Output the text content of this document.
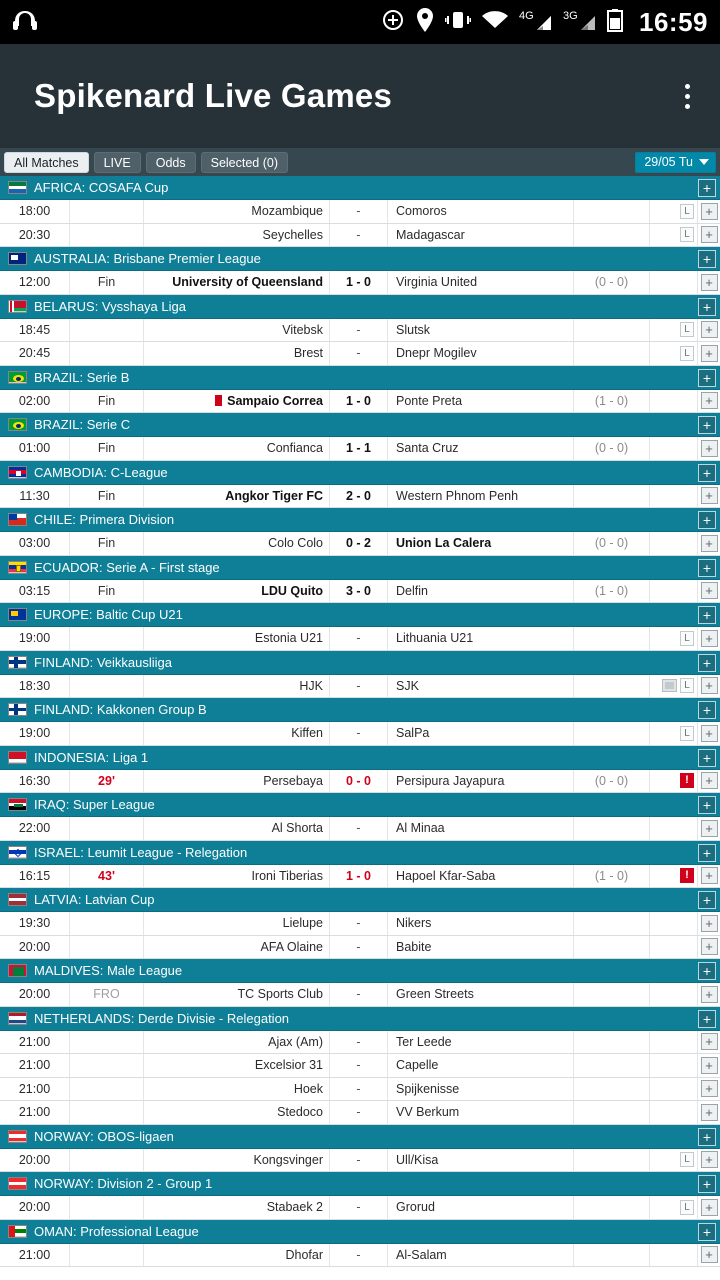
4G	3G 16:59
Spikenard Live Games
All Matches	LIVE	Odds	Selected (0)	29/05 Tu
AFRICA: COSAFA Cup	+
18:00	Mozambique	-	Comoros	L	+
20:30	Seychelles	-	Madagascar	L	+
AUSTRALIA: Brisbane Premier League	+
12:00	Fin	University of Queensland	1 - 0	Virginia United	(0 - 0)	+
BELARUS: Vysshaya Liga	+
18:45	Vitebsk	-	Slutsk	L	+
20:45	Brest	-	Dnepr Mogilev	L	+
BRAZIL: Serie B	+
02:00	Fin	Sampaio Correa	1 - 0	Ponte Preta	(1 - 0)	+
BRAZIL: Serie C	+
01:00	Fin	Confianca	1 - 1	Santa Cruz	(0 - 0)	+
CAMBODIA: C-League	+
11:30	Fin	Angkor Tiger FC	2 - 0	Western Phnom Penh	+
CHILE: Primera Division	+
03:00	Fin	Colo Colo	0 - 2	Union La Calera	(0 - 0)	+
ECUADOR: Serie A - First stage	+
03:15	Fin	LDU Quito	3 - 0	Delfin	(1 - 0)	+
EUROPE: Baltic Cup U21	+
19:00	Estonia U21	-	Lithuania U21	L	+
FINLAND: Veikkausliiga	+
18:30	HJK	-	SJK	L	+
FINLAND: Kakkonen Group B	+
19:00	Kiffen	-	SalPa	L	+
INDONESIA: Liga 1	+
16:30	29'	Persebaya	0 - 0	Persipura Jayapura	(0 - 0)	!	+
IRAQ: Super League	+
22:00	Al Shorta	-	Al Minaa	+
ISRAEL: Leumit League - Relegation	+
16:15	43'	Ironi Tiberias	1 - 0	Hapoel Kfar-Saba	(1 - 0)	!	+
LATVIA: Latvian Cup	+
19:30	Lielupe	-	Nikers	+
20:00	AFA Olaine	-	Babite	+
MALDIVES: Male League	+
20:00	FRO	TC Sports Club	-	Green Streets	+
NETHERLANDS: Derde Divisie - Relegation	+
21:00	Ajax (Am)	-	Ter Leede	+
21:00	Excelsior 31	-	Capelle	+
21:00	Hoek	-	Spijkenisse	+
21:00	Stedoco	-	VV Berkum	+
NORWAY: OBOS-ligaen	+
20:00	Kongsvinger	-	Ull/Kisa	L	+
NORWAY: Division 2 - Group 1	+
20:00	Stabaek 2	-	Grorud	L	+
OMAN: Professional League	+
21:00	Dhofar	-	Al-Salam	+
